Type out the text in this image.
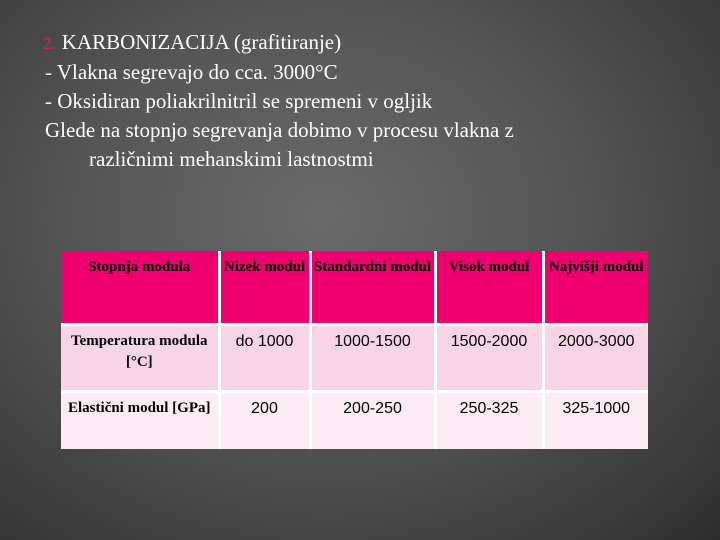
2. KARBONIZACIJA (grafitiranje)
- Vlakna segrevajo do cca. 3000°C
- Oksidiran poliakrilnitril se spremeni v ogljik
Glede na stopnjo segrevanja dobimo v procesu vlakna z
različnimi mehanskimi lastnostmi
Stopnja modula	Nizek modul	Standardni modul	Visok modul	Najvišji modul
Temperatura modula [°C]	do 1000	1000-1500	1500-2000	2000-3000
Elastični modul [GPa]	200	200-250	250-325	325-1000
